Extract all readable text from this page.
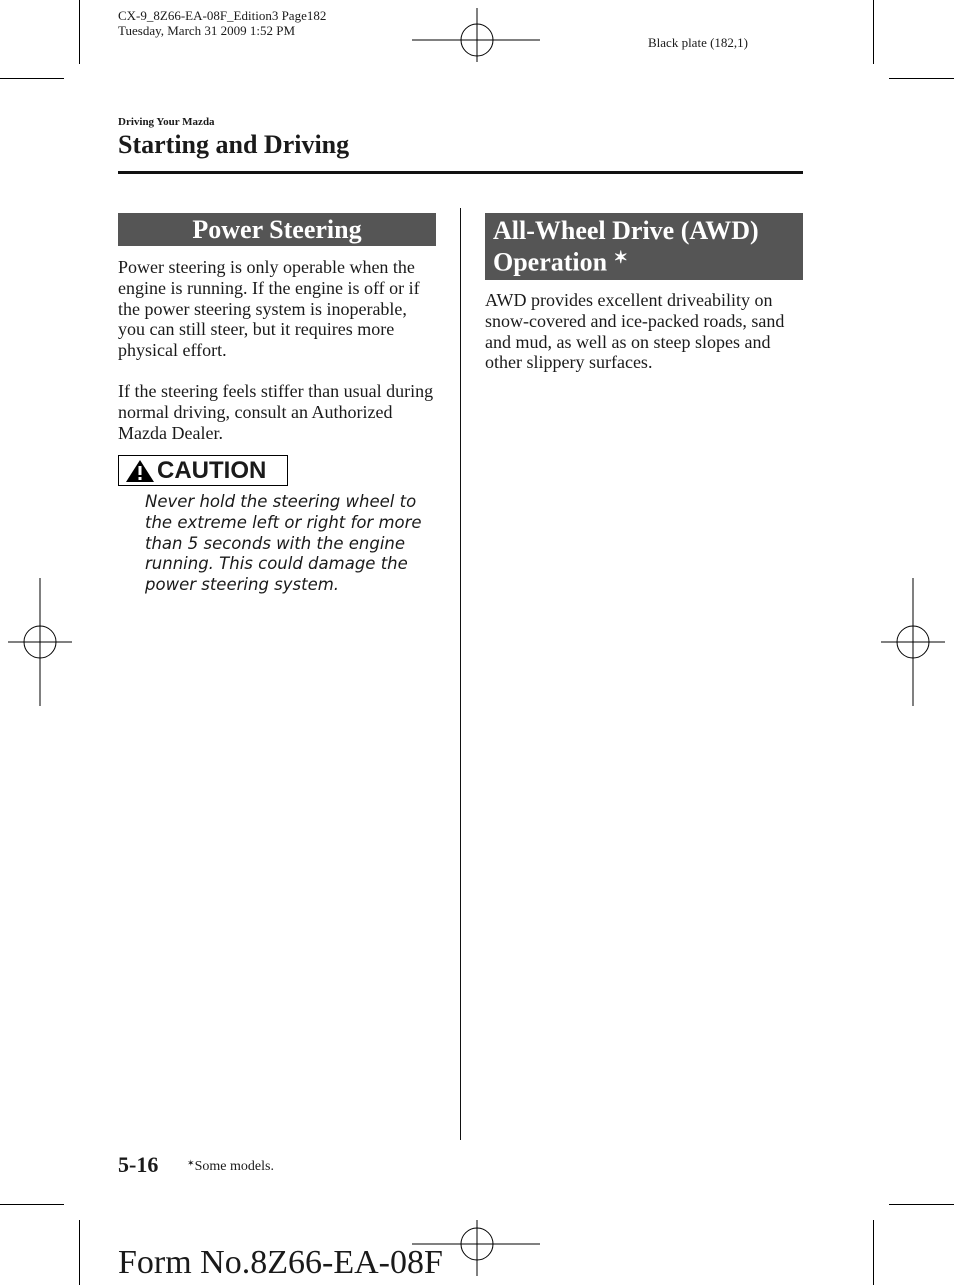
CX-9_8Z66-EA-08F_Edition3 Page182
Tuesday, March 31 2009 1:52 PM
Black plate (182,1)
Driving Your Mazda
Starting and Driving
Power Steering
Power steering is only operable when the engine is running. If the engine is off or if the power steering system is inoperable, you can still steer, but it requires more physical effort.
If the steering feels stiffer than usual during normal driving, consult an Authorized Mazda Dealer.
CAUTION
Never hold the steering wheel to the extreme left or right for more than 5 seconds with the engine running. This could damage the power steering system.
All-Wheel Drive (AWD)
Operation ✶
AWD provides excellent driveability on snow-covered and ice-packed roads, sand and mud, as well as on steep slopes and other slippery surfaces.
5-16	✶Some models.
Form No.8Z66-EA-08F
